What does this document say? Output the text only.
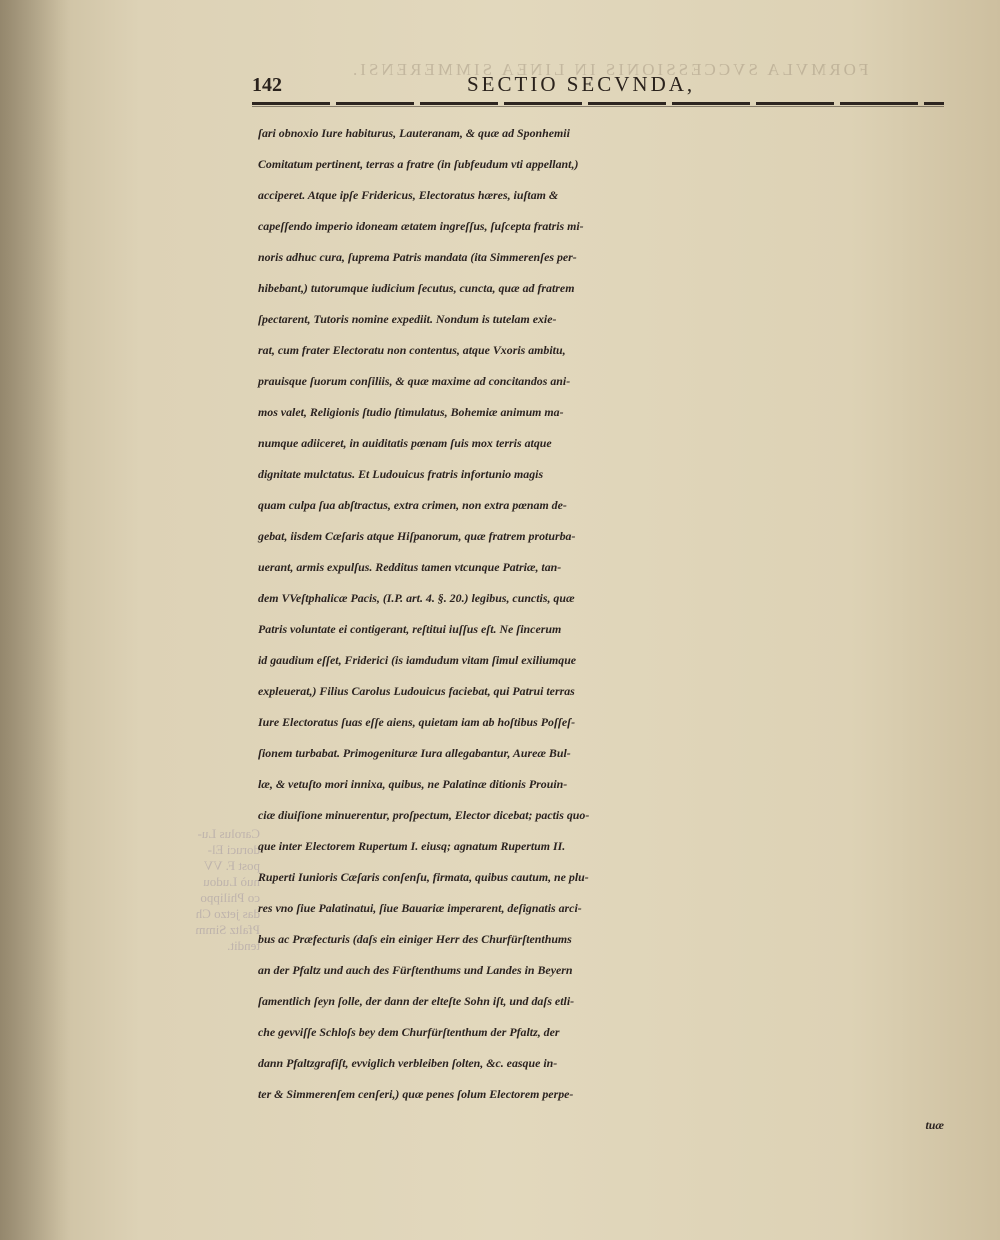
FORMVLA SVCCESSIONIS IN LINEA SIMMERENSI.
Carolus Lu-
doruci El-
post F. VV
nuò Ludou
co Philippo
das jetzo Ch
Pfaltz Simm
tendit.
142	SECTIO SECVNDA,
ſari obnoxio Iure habiturus, Lauteranam, & quæ ad Sponhemii
Comitatum pertinent, terras a fratre (in ſubfeudum vti appellant,)
acciperet. Atque ipſe Fridericus, Electoratus hæres, iuſtam &
capeſſendo imperio idoneam ætatem ingreſſus, ſuſcepta fratris mi-
noris adhuc cura, ſuprema Patris mandata (ita Simmerenſes per-
hibebant,) tutorumque iudicium ſecutus, cuncta, quæ ad fratrem
ſpectarent, Tutoris nomine expediit. Nondum is tutelam exie-
rat, cum frater Electoratu non contentus, atque Vxoris ambitu,
prauisque ſuorum conſiliis, & quæ maxime ad concitandos ani-
mos valet, Religionis ſtudio ſtimulatus, Bohemiæ animum ma-
numque adiiceret, in auiditatis pœnam ſuis mox terris atque
dignitate mulctatus. Et Ludouicus fratris infortunio magis
quam culpa ſua abſtractus, extra crimen, non extra pœnam de-
gebat, iisdem Cæſaris atque Hiſpanorum, quæ fratrem proturba-
uerant, armis expulſus. Redditus tamen vtcunque Patriæ, tan-
dem VVeſtphalicæ Pacis, (I.P. art. 4. §. 20.) legibus, cunctis, quæ
Patris voluntate ei contigerant, reſtitui iuſſus eſt. Ne ſincerum
id gaudium eſſet, Friderici (is iamdudum vitam ſimul exiliumque
expleuerat,) Filius Carolus Ludouicus faciebat, qui Patrui terras
Iure Electoratus ſuas eſſe aiens, quietam iam ab hoſtibus Poſſeſ-
ſionem turbabat. Primogenituræ Iura allegabantur, Aureæ Bul-
læ, & vetuſto mori innixa, quibus, ne Palatinæ ditionis Prouin-
ciæ diuiſione minuerentur, proſpectum, Elector dicebat; pactis quo-
que inter Electorem Rupertum I. eiusq; agnatum Rupertum II.
Ruperti Iunioris Cæſaris conſenſu, firmata, quibus cautum, ne plu-
res vno ſiue Palatinatui, ſiue Bauariæ imperarent, deſignatis arci-
bus ac Præfecturis (daſs ein einiger Herr des Churfürſtenthums
an der Pfaltz und auch des Fürſtenthums und Landes in Beyern
ſamentlich ſeyn ſolle, der dann der elteſte Sohn iſt, und daſs etli-
che gevviſſe Schloſs bey dem Churfürſtenthum der Pfaltz, der
dann Pfaltzgrafiſt, evviglich verbleiben ſolten, &c. easque in-
ter & Simmerenſem cenſeri,) quæ penes ſolum Electorem perpe-
tuæ
